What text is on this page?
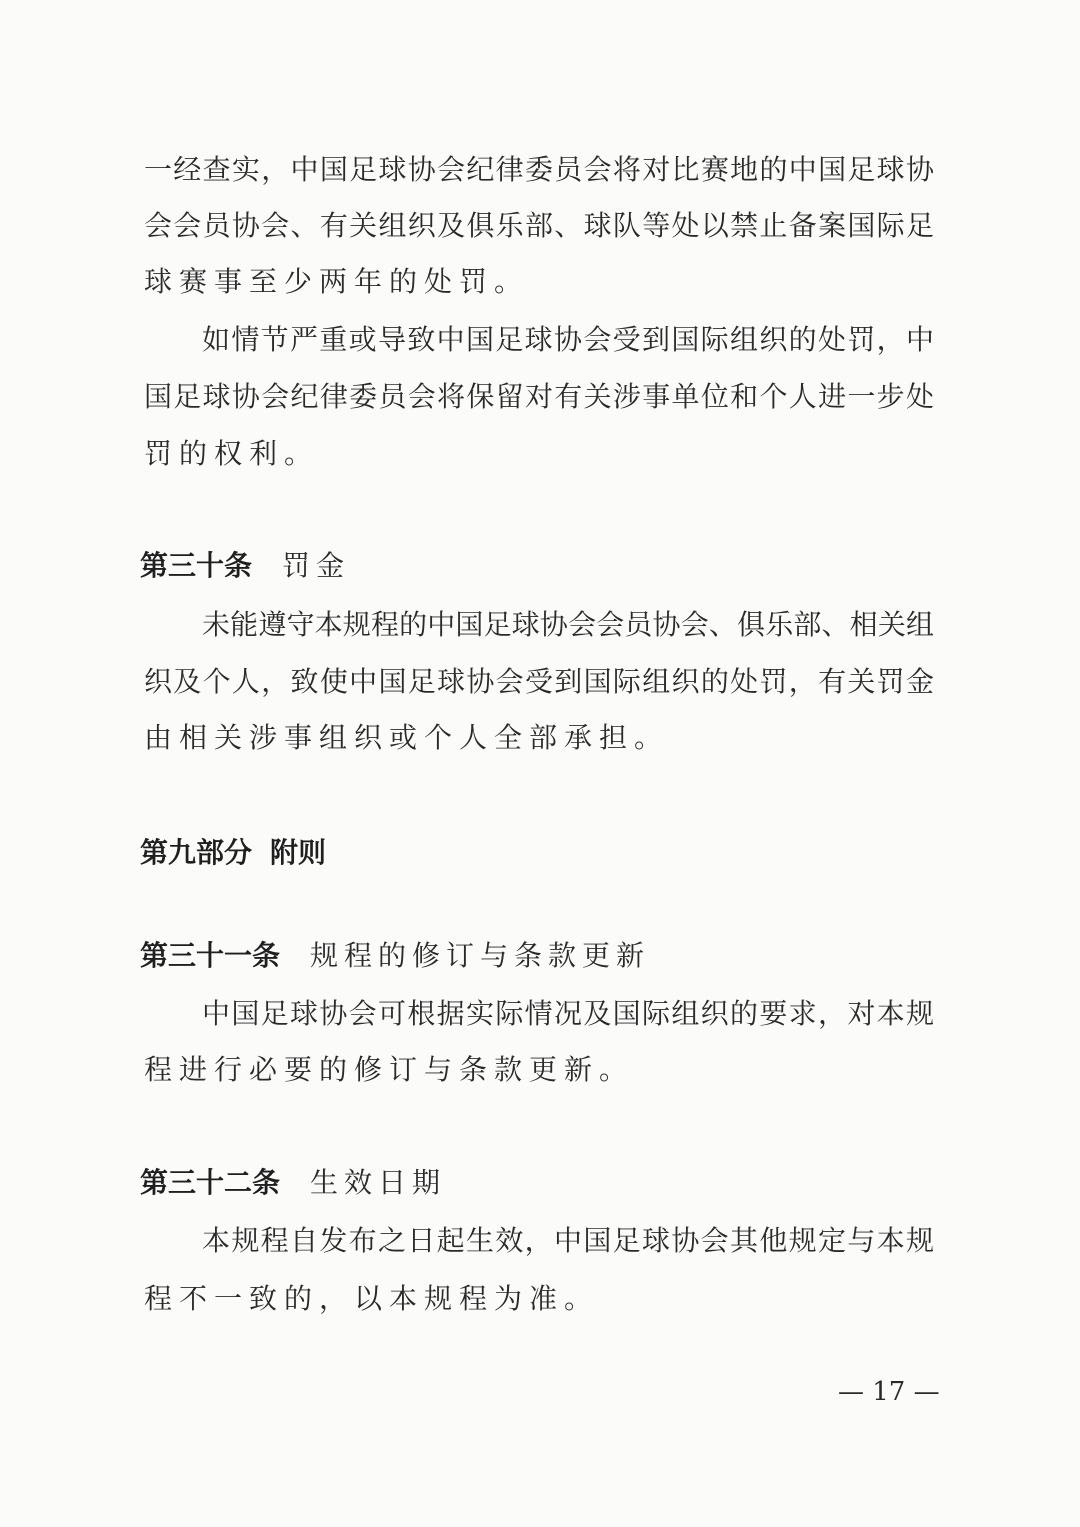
一经查实，中国足球协会纪律委员会将对比赛地的中国足球协
会会员协会、有关组织及俱乐部、球队等处以禁止备案国际足
球赛事至少两年的处罚。
如情节严重或导致中国足球协会受到国际组织的处罚，中
国足球协会纪律委员会将保留对有关涉事单位和个人进一步处
罚的权利。
第三十条 罚金
未能遵守本规程的中国足球协会会员协会、俱乐部、相关组
织及个人，致使中国足球协会受到国际组织的处罚，有关罚金
由相关涉事组织或个人全部承担。
第九部分 附则
第三十一条 规程的修订与条款更新
中国足球协会可根据实际情况及国际组织的要求，对本规
程进行必要的修订与条款更新。
第三十二条 生效日期
本规程自发布之日起生效，中国足球协会其他规定与本规
程不一致的，以本规程为准。
— 17 —
